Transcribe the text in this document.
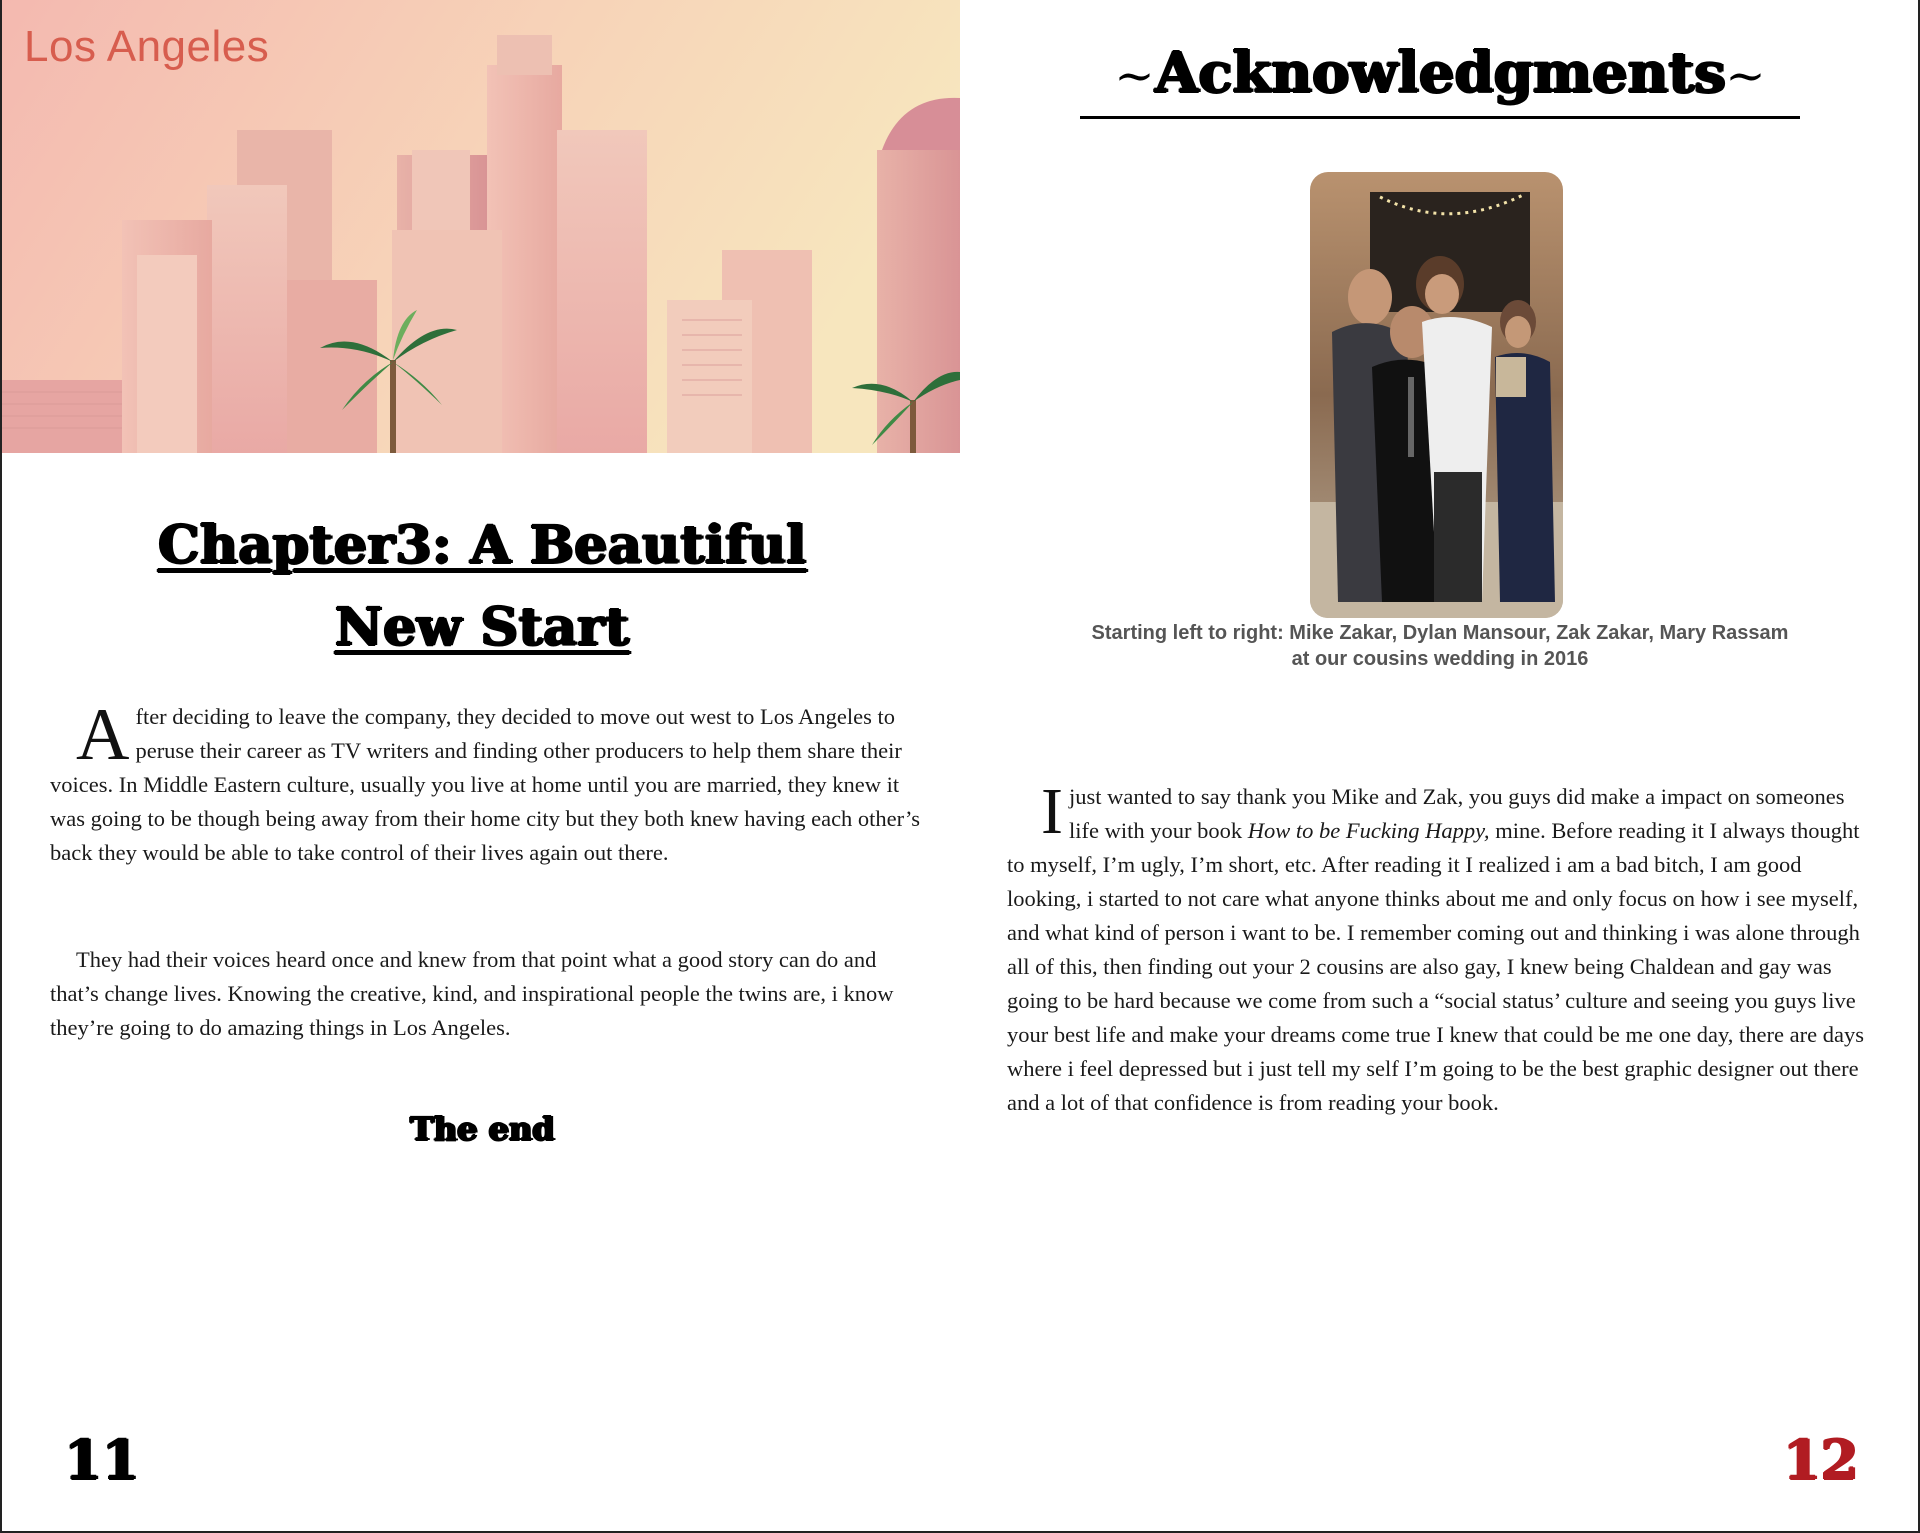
Los Angeles
Chapter3: A Beautiful
New Start
A fter deciding to leave the company, they decided to move out west to Los Angeles to peruse their career as TV writers and finding other producers to help them share their voices. In Middle Eastern culture, usually you live at home until you are married, they knew it was going to be though being away from their home city but they both knew having each other’s back they would be able to take control of their lives again out there.
They had their voices heard once and knew from that point what a good story can do and that’s change lives. Knowing the creative, kind, and inspirational people the twins are, i know they’re going to do amazing things in Los Angeles.
The end
11
~Acknowledgments~
Starting left to right: Mike Zakar, Dylan Mansour, Zak Zakar, Mary Rassam
at our cousins wedding in 2016
I just wanted to say thank you Mike and Zak, you guys did make a impact on someones life with your book How to be Fucking Happy, mine. Before reading it I always thought to myself, I’m ugly, I’m short, etc. After reading it I realized i am a bad bitch, I am good looking, i started to not care what anyone thinks about me and only focus on how i see myself, and what kind of person i want to be. I remember coming out and thinking i was alone through all of this, then finding out your 2 cousins are also gay, I knew being Chaldean and gay was going to be hard because we come from such a “social status’ culture and seeing you guys live your best life and make your dreams come true I knew that could be me one day, there are days where i feel depressed but i just tell my self I’m going to be the best graphic designer out there and a lot of that confidence is from reading your book.
12
